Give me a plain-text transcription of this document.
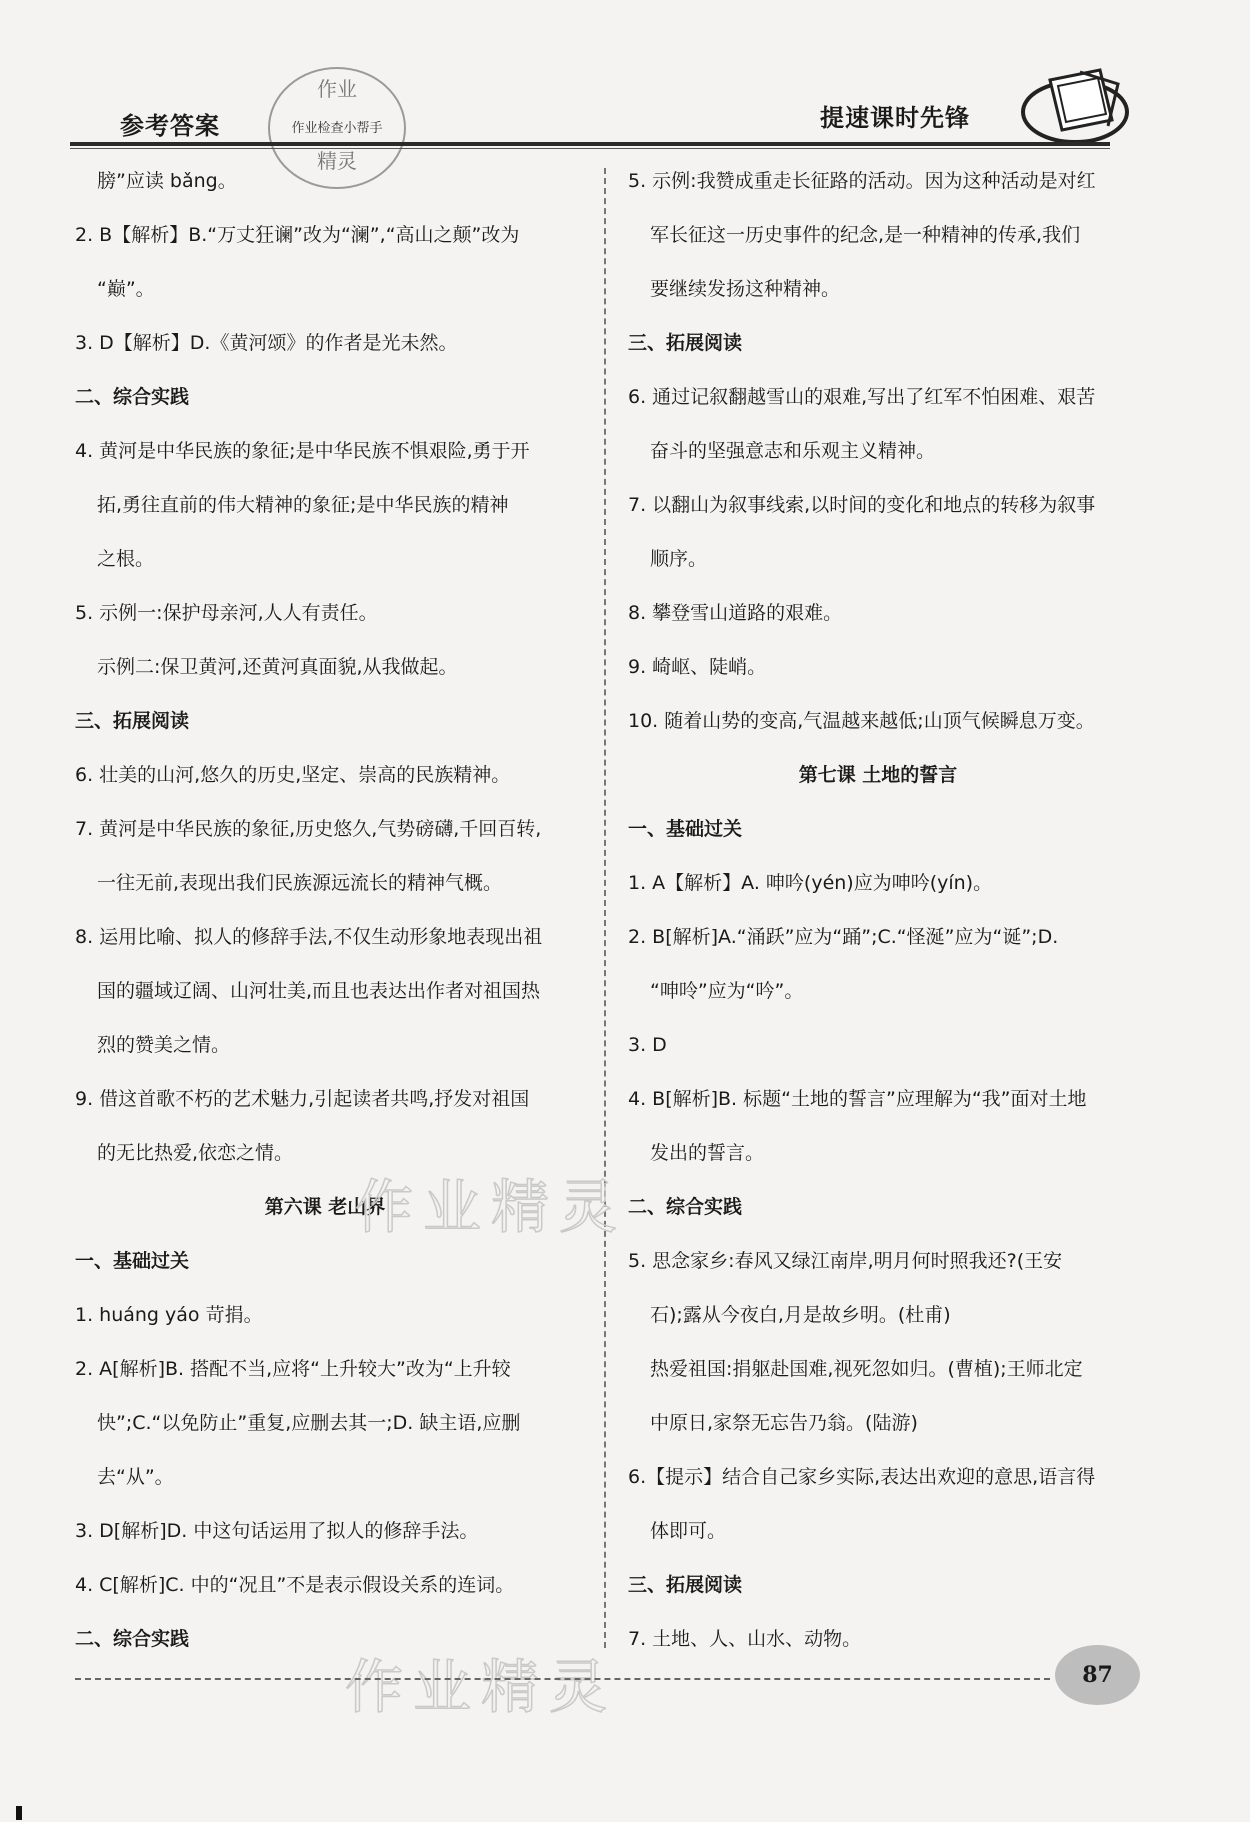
参考答案
作业
作业检查小帮手
精灵
提速课时先锋
膀”应读 bǎng。
2. B【解析】B.“万丈狂谰”改为“澜”,“高山之颠”改为
“巅”。
3. D【解析】D.《黄河颂》的作者是光未然。
二、综合实践
4. 黄河是中华民族的象征;是中华民族不惧艰险,勇于开
拓,勇往直前的伟大精神的象征;是中华民族的精神
之根。
5. 示例一:保护母亲河,人人有责任。
示例二:保卫黄河,还黄河真面貌,从我做起。
三、拓展阅读
6. 壮美的山河,悠久的历史,坚定、崇高的民族精神。
7. 黄河是中华民族的象征,历史悠久,气势磅礴,千回百转,
一往无前,表现出我们民族源远流长的精神气概。
8. 运用比喻、拟人的修辞手法,不仅生动形象地表现出祖
国的疆域辽阔、山河壮美,而且也表达出作者对祖国热
烈的赞美之情。
9. 借这首歌不朽的艺术魅力,引起读者共鸣,抒发对祖国
的无比热爱,依恋之情。
第六课 老山界
一、基础过关
1. huáng yáo 苛捐。
2. A[解析]B. 搭配不当,应将“上升较大”改为“上升较
快”;C.“以免防止”重复,应删去其一;D. 缺主语,应删
去“从”。
3. D[解析]D. 中这句话运用了拟人的修辞手法。
4. C[解析]C. 中的“况且”不是表示假设关系的连词。
二、综合实践
5. 示例:我赞成重走长征路的活动。因为这种活动是对红
军长征这一历史事件的纪念,是一种精神的传承,我们
要继续发扬这种精神。
三、拓展阅读
6. 通过记叙翻越雪山的艰难,写出了红军不怕困难、艰苦
奋斗的坚强意志和乐观主义精神。
7. 以翻山为叙事线索,以时间的变化和地点的转移为叙事
顺序。
8. 攀登雪山道路的艰难。
9. 崎岖、陡峭。
10. 随着山势的变高,气温越来越低;山顶气候瞬息万变。
第七课 土地的誓言
一、基础过关
1. A【解析】A. 呻吟(yén)应为呻吟(yín)。
2. B[解析]A.“涌跃”应为“踊”;C.“怪涎”应为“诞”;D.
“呻呤”应为“吟”。
3. D
4. B[解析]B. 标题“土地的誓言”应理解为“我”面对土地
发出的誓言。
二、综合实践
5. 思念家乡:春风又绿江南岸,明月何时照我还?(王安
石);露从今夜白,月是故乡明。(杜甫)
热爱祖国:捐躯赴国难,视死忽如归。(曹植);王师北定
中原日,家祭无忘告乃翁。(陆游)
6.【提示】结合自己家乡实际,表达出欢迎的意思,语言得
体即可。
三、拓展阅读
7. 土地、人、山水、动物。
作业精灵
作业精灵	87
